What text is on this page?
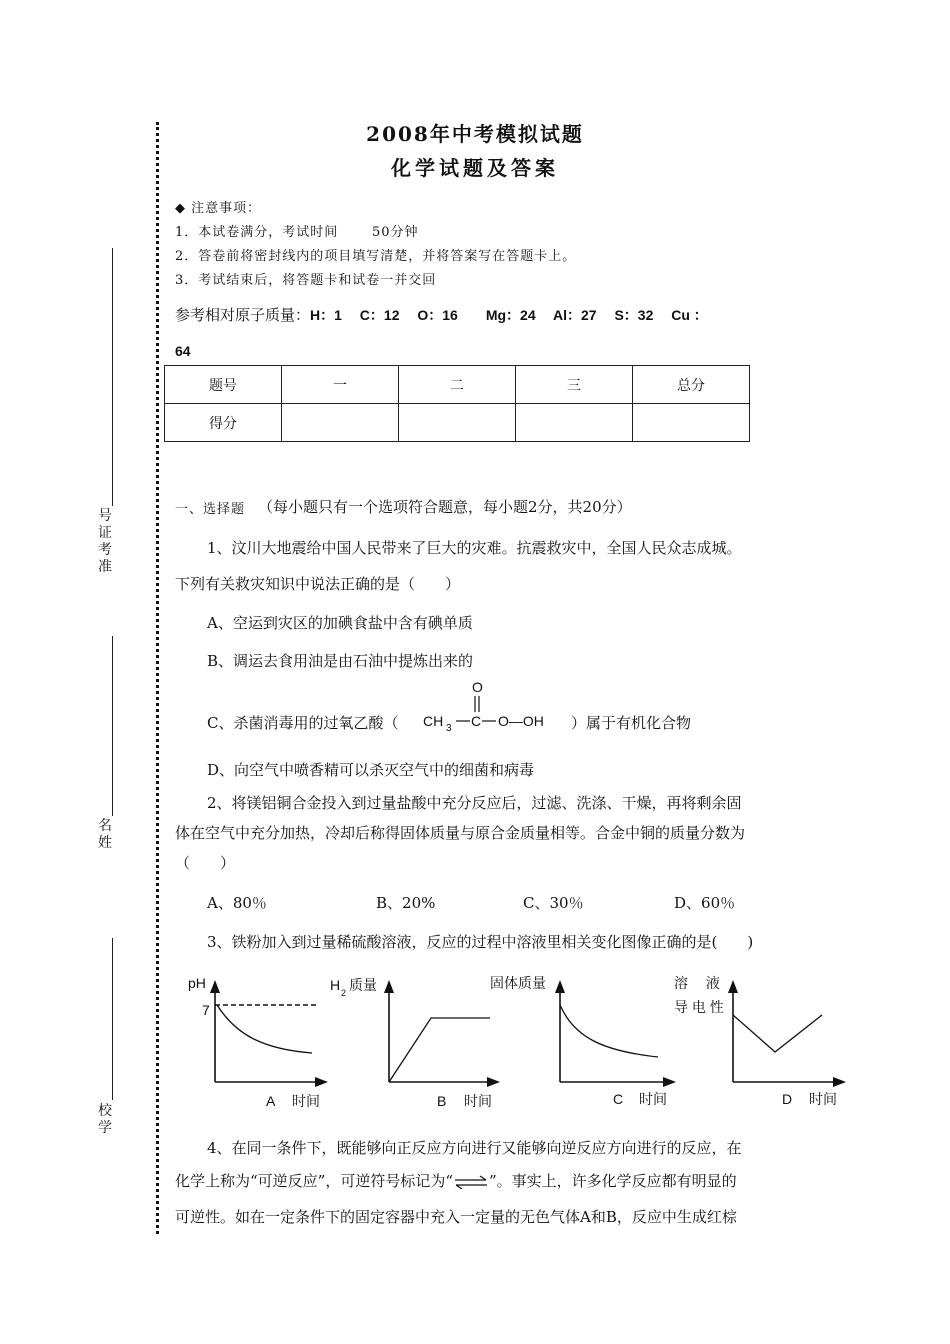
号证考准
名姓
校学
2008年中考模拟试题
化学试题及答案
◆ 注意事项：
1．本试卷满分，考试时间	50分钟
2．答卷前将密封线内的项目填写清楚，并将答案写在答题卡上。
3．考试结束后，将答题卡和试卷一并交回
参考相对原子质量：H：1　 C：12　 O：16　　Mg：24　 Al：27　 S：32　 Cu ：
64
题号	一	二	三	总分
得分				
一、选择题 （每小题只有一个选项符合题意，每小题2分，共20分）
1、汶川大地震给中国人民带来了巨大的灾难。抗震救灾中，全国人民众志成城。
下列有关救灾知识中说法正确的是（　　）
A、空运到灾区的加碘食盐中含有碘单质
B、调运去食用油是由石油中提炼出来的
C、杀菌消毒用的过氧乙酸（ CH 3 C
O
O—OH ）属于有机化合物
D、向空气中喷香精可以杀灭空气中的细菌和病毒
2、将镁铝铜合金投入到过量盐酸中充分反应后，过滤、洗涤、干燥，再将剩余固
体在空气中充分加热，冷却后称得固体质量与原合金质量相等。合金中铜的质量分数为
（　　）
A、80％	B、20%	C、30％	D、60％
3、铁粉加入到过量稀硫酸溶液，反应的过程中溶液里相关变化图像正确的是(　　)
pH
7
A 时间
H 2 质量
B 时间
固体质量
C 时间
溶　 液
导 电 性
D 时间
4、在同一条件下，既能够向正反应方向进行又能够向逆反应方向进行的反应，在
化学上称为“可逆反应”，可逆符号标记为“⇌”。事实上，许多化学反应都有明显的
可逆性。如在一定条件下的固定容器中充入一定量的无色气体A和B，反应中生成红棕
